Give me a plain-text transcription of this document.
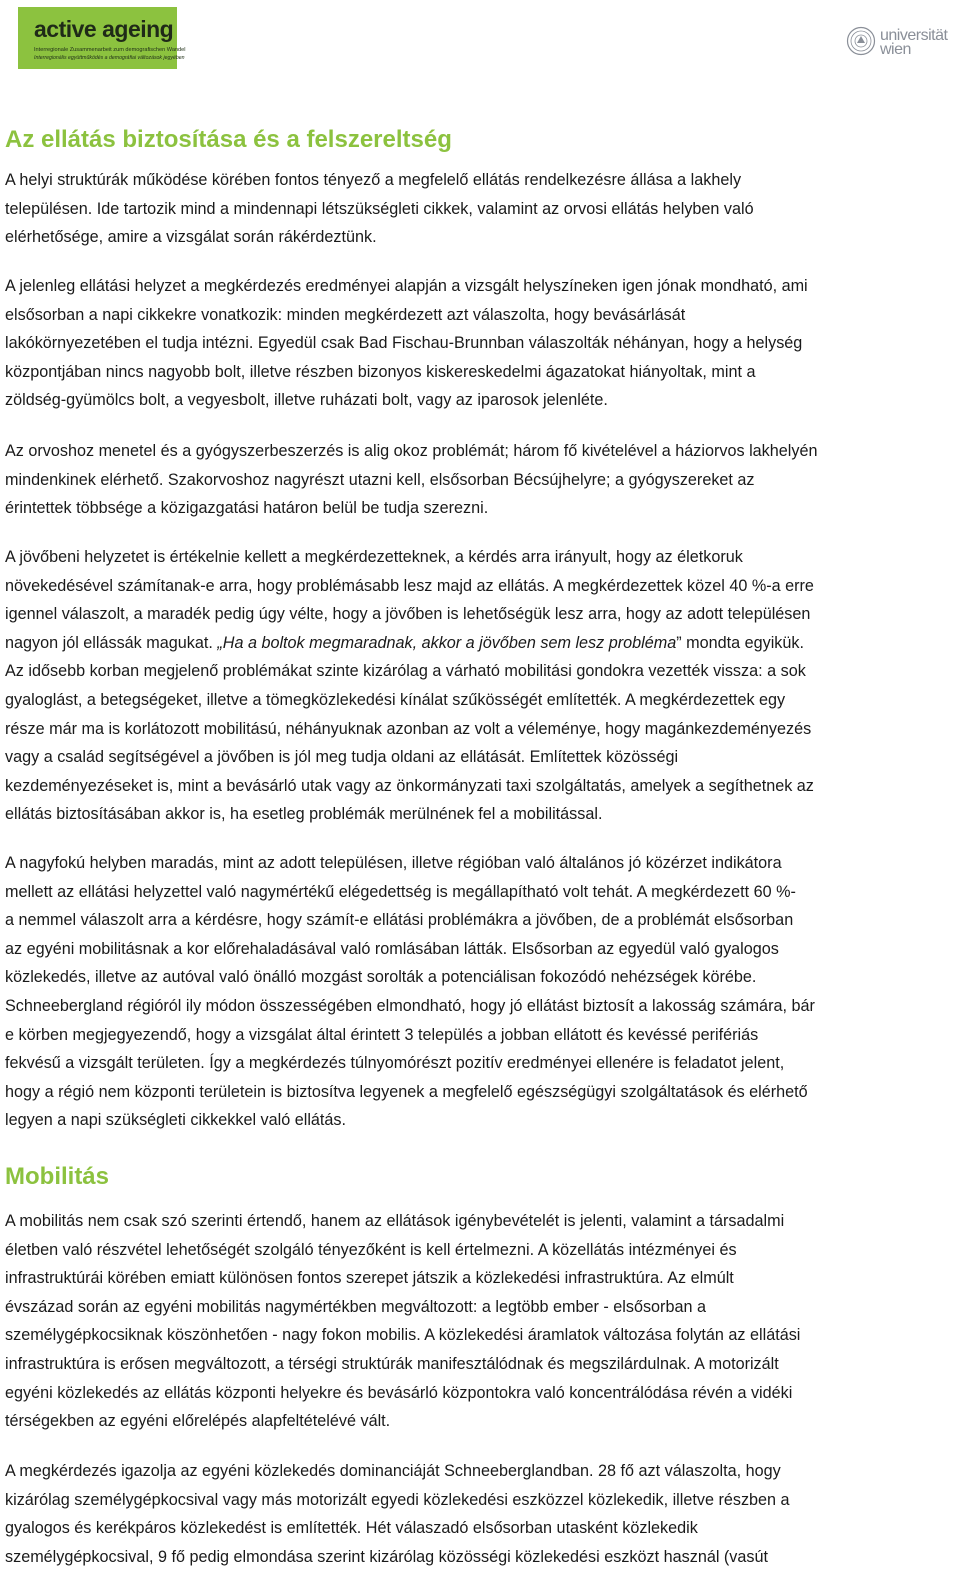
active ageing
Interregionale Zusammenarbeit zum demografischen Wandel
Interregionális együttműködés a demográfiai változások jegyében
universität
wien
Az ellátás biztosítása és a felszereltség

A helyi struktúrák működése körében fontos tényező a megfelelő ellátás rendelkezésre állása a lakhely
településen. Ide tartozik mind a mindennapi létszükségleti cikkek, valamint az orvosi ellátás helyben való
elérhetősége, amire a vizsgálat során rákérdeztünk.

A jelenleg ellátási helyzet a megkérdezés eredményei alapján a vizsgált helyszíneken igen jónak mondható, ami
elsősorban a napi cikkekre vonatkozik: minden megkérdezett azt válaszolta, hogy bevásárlását
lakókörnyezetében el tudja intézni. Egyedül csak Bad Fischau-Brunnban válaszolták néhányan, hogy a helység
központjában nincs nagyobb bolt, illetve részben bizonyos kiskereskedelmi ágazatokat hiányoltak, mint a
zöldség-gyümölcs bolt, a vegyesbolt, illetve ruházati bolt, vagy az iparosok jelenléte.

Az orvoshoz menetel és a gyógyszerbeszerzés is alig okoz problémát; három fő kivételével a háziorvos lakhelyén
mindenkinek elérhető. Szakorvoshoz nagyrészt utazni kell, elsősorban Bécsújhelyre; a gyógyszereket az
érintettek többsége a közigazgatási határon belül be tudja szerezni.

A jövőbeni helyzetet is értékelnie kellett a megkérdezetteknek, a kérdés arra irányult, hogy az életkoruk
növekedésével számítanak-e arra, hogy problémásabb lesz majd az ellátás. A megkérdezettek közel 40 %-a erre
igennel válaszolt, a maradék pedig úgy vélte, hogy a jövőben is lehetőségük lesz arra, hogy az adott településen
nagyon jól ellássák magukat. „Ha a boltok megmaradnak, akkor a jövőben sem lesz probléma” mondta egyikük.
Az idősebb korban megjelenő problémákat szinte kizárólag a várható mobilitási gondokra vezették vissza: a sok
gyaloglást, a betegségeket, illetve a tömegközlekedési kínálat szűkösségét említették. A megkérdezettek egy
része már ma is korlátozott mobilitású, néhányuknak azonban az volt a véleménye, hogy magánkezdeményezés
vagy a család segítségével a jövőben is jól meg tudja oldani az ellátását. Említettek közösségi
kezdeményezéseket is, mint a bevásárló utak vagy az önkormányzati taxi szolgáltatás, amelyek a segíthetnek az
ellátás biztosításában akkor is, ha esetleg problémák merülnének fel a mobilitással.

A nagyfokú helyben maradás, mint az adott településen, illetve régióban való általános jó közérzet indikátora
mellett az ellátási helyzettel való nagymértékű elégedettség is megállapítható volt tehát. A megkérdezett 60 %-
a nemmel válaszolt arra a kérdésre, hogy számít-e ellátási problémákra a jövőben, de a problémát elsősorban
az egyéni mobilitásnak a kor előrehaladásával való romlásában látták. Elsősorban az egyedül való gyalogos
közlekedés, illetve az autóval való önálló mozgást sorolták a potenciálisan fokozódó nehézségek körébe.
Schneebergland régióról ily módon összességében elmondható, hogy jó ellátást biztosít a lakosság számára, bár
e körben megjegyezendő, hogy a vizsgálat által érintett 3 település a jobban ellátott és kevéssé perifériás
fekvésű a vizsgált területen. Így a megkérdezés túlnyomórészt pozitív eredményei ellenére is feladatot jelent,
hogy a régió nem központi területein is biztosítva legyenek a megfelelő egészségügyi szolgáltatások és elérhető
legyen a napi szükségleti cikkekkel való ellátás.

Mobilitás

A mobilitás nem csak szó szerinti értendő, hanem az ellátások igénybevételét is jelenti, valamint a társadalmi
életben való részvétel lehetőségét szolgáló tényezőként is kell értelmezni. A közellátás intézményei és
infrastruktúrái körében emiatt különösen fontos szerepet játszik a közlekedési infrastruktúra. Az elmúlt
évszázad során az egyéni mobilitás nagymértékben megváltozott: a legtöbb ember - elsősorban a
személygépkocsiknak köszönhetően - nagy fokon mobilis. A közlekedési áramlatok változása folytán az ellátási
infrastruktúra is erősen megváltozott, a térségi struktúrák manifesztálódnak és megszilárdulnak. A motorizált
egyéni közlekedés az ellátás központi helyekre és bevásárló központokra való koncentrálódása révén a vidéki
térségekben az egyéni előrelépés alapfeltételévé vált.

A megkérdezés igazolja az egyéni közlekedés dominanciáját Schneeberglandban. 28 fő azt válaszolta, hogy
kizárólag személygépkocsival vagy más motorizált egyedi közlekedési eszközzel közlekedik, illetve részben a
gyalogos és kerékpáros közlekedést is említették. Hét válaszadó elsősorban utasként közlekedik
személygépkocsival, 9 fő pedig elmondása szerint kizárólag közösségi közlekedési eszközt használ (vasút
